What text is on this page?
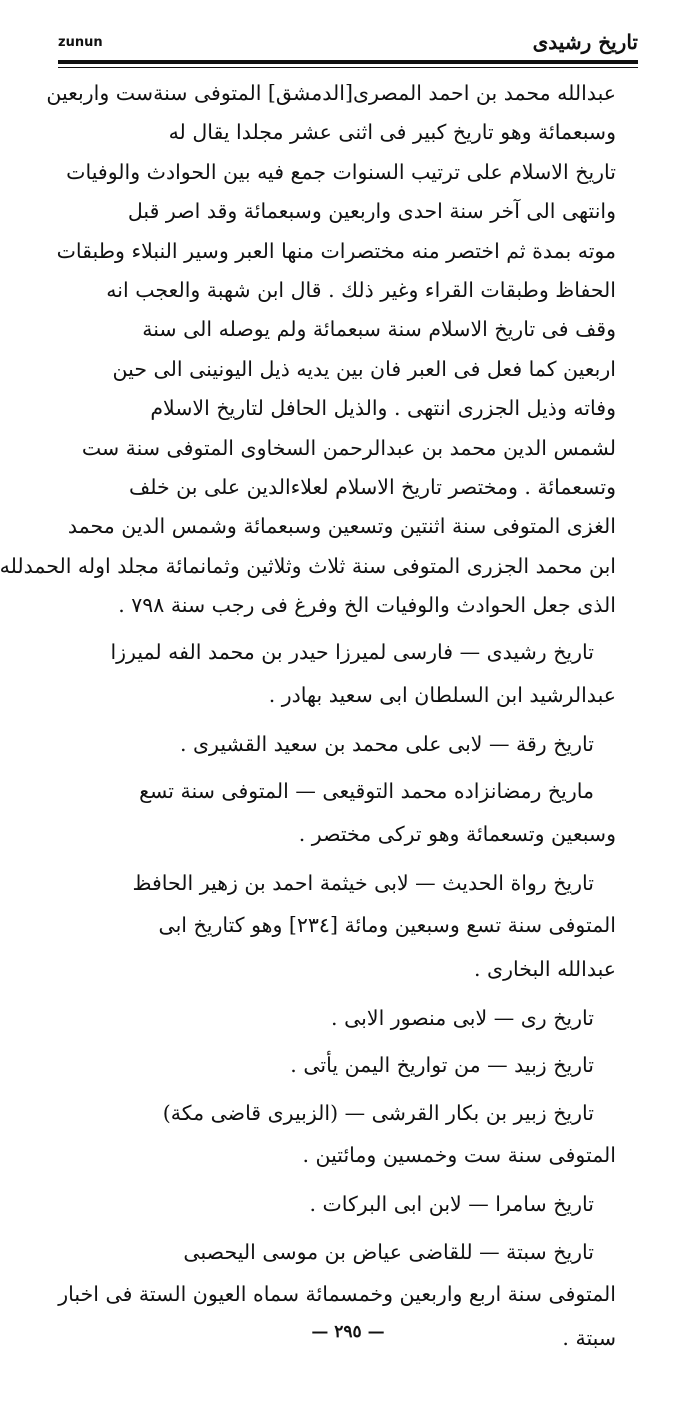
zunun	تاريخ رشيدى

عبدالله محمد بن احمد المصرى[الدمشق] المتوفى سنةست واربعين
وسبعمائة وهو تاريخ كبير فى اثنى عشر مجلدا يقال له
تاريخ الاسلام على ترتيب السنوات جمع فيه بين الحوادث والوفيات
وانتهى الى آخر سنة احدى واربعين وسبعمائة وقد اصر قبل
موته بمدة ثم اختصر منه مختصرات منها العبر وسير النبلاء وطبقات
الحفاظ وطبقات القراء وغير ذلك . قال ابن شهبة والعجب انه
وقف فى تاريخ الاسلام سنة سبعمائة ولم يوصله الى سنة
اربعين كما فعل فى العبر فان بين يديه ذيل اليونينى الى حين
وفاته وذيل الجزرى انتهى . والذيل الحافل لتاريخ الاسلام
لشمس الدين محمد بن عبدالرحمن السخاوى المتوفى سنة ست
وتسعمائة . ومختصر تاريخ الاسلام لعلاءالدين على بن خلف
الغزى المتوفى سنة اثنتين وتسعين وسبعمائة وشمس الدين محمد
ابن محمد الجزرى المتوفى سنة ثلاث وثلاثين وثمانمائة مجلد اوله الحمدلله
الذى جعل الحوادث والوفيات الخ وفرغ فى رجب سنة ٧٩٨ .

تاريخ رشيدى — فارسى لميرزا حيدر بن محمد الفه لميرزا
عبدالرشيد ابن السلطان ابى سعيد بهادر .

تاريخ رقة — لابى على محمد بن سعيد القشيرى .

ماريخ رمضانزاده محمد التوقيعى — المتوفى سنة تسع
وسبعين وتسعمائة وهو تركى مختصر .

تاريخ رواة الحديث — لابى خيثمة احمد بن زهير الحافظ
المتوفى سنة تسع وسبعين ومائة [٢٣٤] وهو كتاريخ ابى
عبدالله البخارى .

تاريخ رى — لابى منصور الابى .

تاريخ زبيد — من تواريخ اليمن يأتى .

تاريخ زبير بن بكار القرشى — (الزبيرى قاضى مكة)
المتوفى سنة ست وخمسين ومائتين .

تاريخ سامرا — لابن ابى البركات .

تاريخ سبتة — للقاضى عياض بن موسى اليحصبى
المتوفى سنة اربع واربعين وخمسمائة سماه العيون الستة فى اخبار
سبتة .

— ٢٩٥ —
